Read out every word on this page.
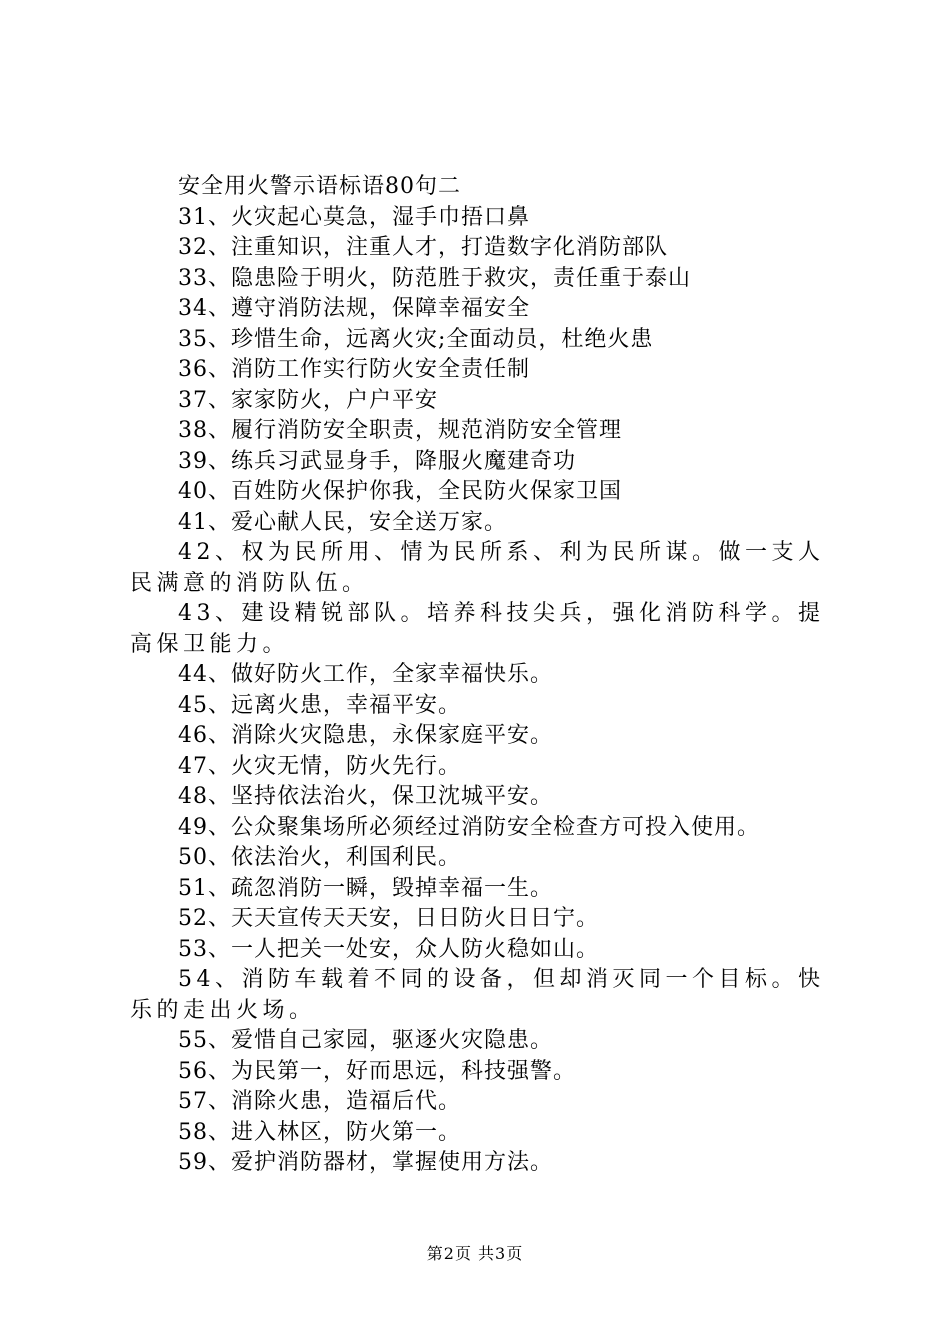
安全用火警示语标语80句二
31、火灾起心莫急，湿手巾捂口鼻
32、注重知识，注重人才，打造数字化消防部队
33、隐患险于明火，防范胜于救灾，责任重于泰山
34、遵守消防法规，保障幸福安全
35、珍惜生命，远离火灾;全面动员，杜绝火患
36、消防工作实行防火安全责任制
37、家家防火，户户平安
38、履行消防安全职责，规范消防安全管理
39、练兵习武显身手，降服火魔建奇功
40、百姓防火保护你我，全民防火保家卫国
41、爱心献人民，安全送万家。
42、权为民所用、情为民所系、利为民所谋。做一支人民满意的消防队伍。
43、建设精锐部队。培养科技尖兵，强化消防科学。提高保卫能力。
44、做好防火工作，全家幸福快乐。
45、远离火患，幸福平安。
46、消除火灾隐患，永保家庭平安。
47、火灾无情，防火先行。
48、坚持依法治火，保卫沈城平安。
49、公众聚集场所必须经过消防安全检查方可投入使用。
50、依法治火，利国利民。
51、疏忽消防一瞬，毁掉幸福一生。
52、天天宣传天天安，日日防火日日宁。
53、一人把关一处安，众人防火稳如山。
54、消防车载着不同的设备，但却消灭同一个目标。快乐的走出火场。
55、爱惜自己家园，驱逐火灾隐患。
56、为民第一，好而思远，科技强警。
57、消除火患，造福后代。
58、进入林区，防火第一。
59、爱护消防器材，掌握使用方法。
第2页 共3页
